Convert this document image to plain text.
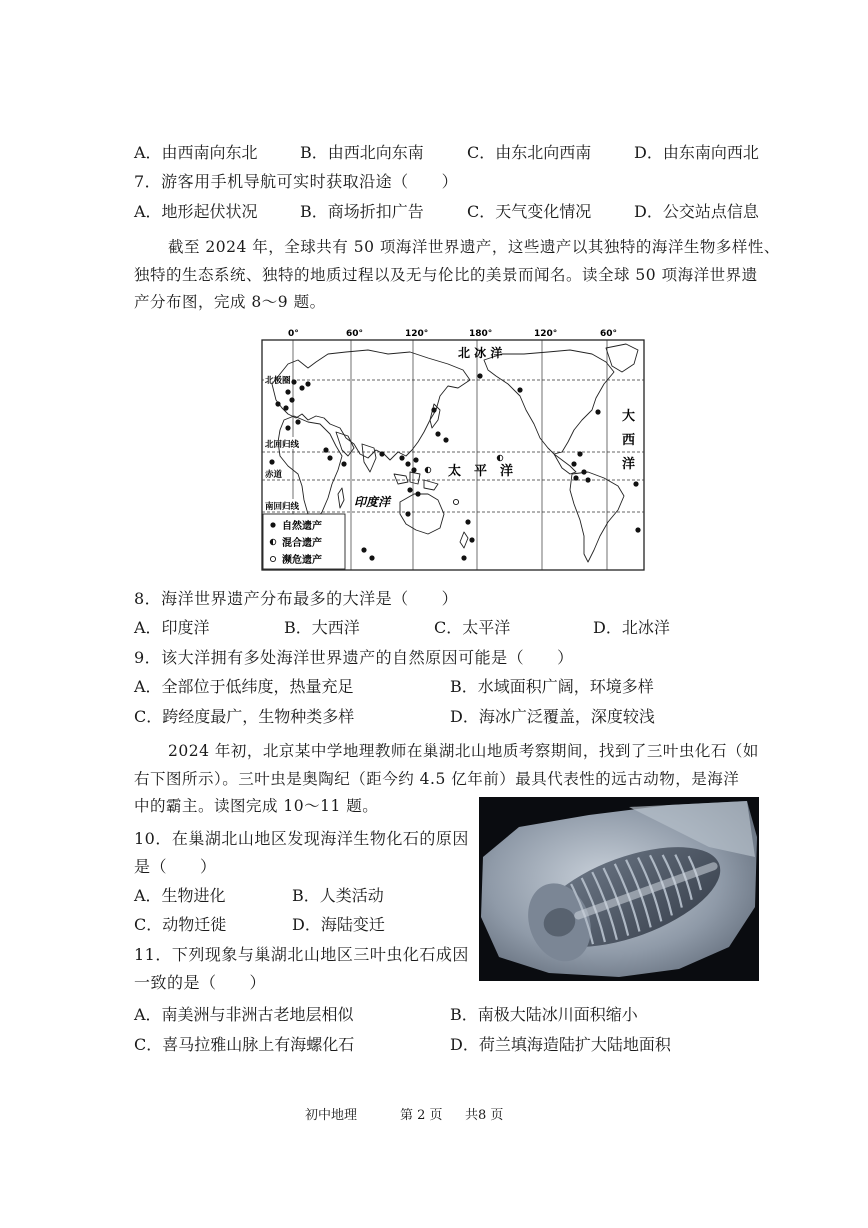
A．由西南向东北	B．由西北向东南	C．由东北向西南	D．由东南向西北
7．游客用手机导航可实时获取沿途（　　）
A．地形起伏状况	B．商场折扣广告	C．天气变化情况	D．公交站点信息
截至 2024 年，全球共有 50 项海洋世界遗产，这些遗产以其独特的海洋生物多样性、
独特的生态系统、独特的地质过程以及无与伦比的美景而闻名。读全球 50 项海洋世界遗
产分布图，完成 8～9 题。
0°	60°	120°	180°	120°	60°
北极圈
北回归线
赤道
南回归线
北 冰 洋
大
西
洋
太　平　洋
印度洋
自然遗产
混合遗产
濒危遗产
8．海洋世界遗产分布最多的大洋是（　　）
A．印度洋	B．大西洋	C．太平洋	D．北冰洋
9．该大洋拥有多处海洋世界遗产的自然原因可能是（　　）
A．全部位于低纬度，热量充足	B．水域面积广阔，环境多样
C．跨经度最广，生物种类多样	D．海冰广泛覆盖，深度较浅
2024 年初，北京某中学地理教师在巢湖北山地质考察期间，找到了三叶虫化石（如
右下图所示）。三叶虫是奥陶纪（距今约 4.5 亿年前）最具代表性的远古动物，是海洋
中的霸主。读图完成 10～11 题。
10．在巢湖北山地区发现海洋生物化石的原因
是（　　）
A．生物进化	B．人类活动
C．动物迁徙	D．海陆变迁
11．下列现象与巢湖北山地区三叶虫化石成因
一致的是（　　）
A．南美洲与非洲古老地层相似	B．南极大陆冰川面积缩小
C．喜马拉雅山脉上有海螺化石	D．荷兰填海造陆扩大陆地面积
初中地理	第 2 页 共8 页
